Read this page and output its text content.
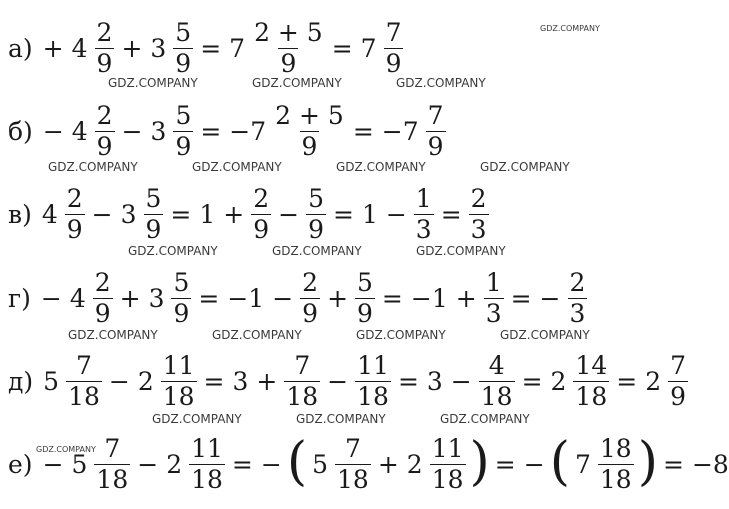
$а) + 4 \frac{2}{9} + 3 \frac{5}{9} = 7 \frac{2 + 5}{9} = 7 \frac{7}{9}$
$б) - 4 \frac{2}{9} - 3 \frac{5}{9} = -7 \frac{2 + 5}{9} = -7 \frac{7}{9}$
в) $4 \frac{2}{9} - 3 \frac{5}{9} = 1 + \frac{2}{9} - \frac{5}{9} = 1 - \frac{1}{3} = \frac{2}{3}$
$г) - 4 \frac{2}{9} + 3 \frac{5}{9} = -1 - \frac{2}{9} + \frac{5}{9} = -1 + \frac{1}{3}$ = − $\frac{2}{3}$
д) $5 \frac{7}{18} - 2 \frac{11}{18} = 3 + \frac{7}{18} - \frac{11}{18} = 3 - \frac{4}{18} = 2 \frac{14}{18} = 2 \frac{7}{9}$
$е) - 5 \frac{7}{18} - 2 \frac{11}{18}$ = − ( $5 \frac{7}{18} + 2 \frac{11}{18}$ ) = − ( $7 \frac{18}{18}$ ) = −8
GDZ.COMPANY
GDZ.COMPANY	GDZ.COMPANY	GDZ.COMPANY
GDZ.COMPANY	GDZ.COMPANY	GDZ.COMPANY	GDZ.COMPANY
GDZ.COMPANY	GDZ.COMPANY	GDZ.COMPANY
GDZ.COMPANY	GDZ.COMPANY	GDZ.COMPANY	GDZ.COMPANY
GDZ.COMPANY	GDZ.COMPANY	GDZ.COMPANY
GDZ.COMPANY
